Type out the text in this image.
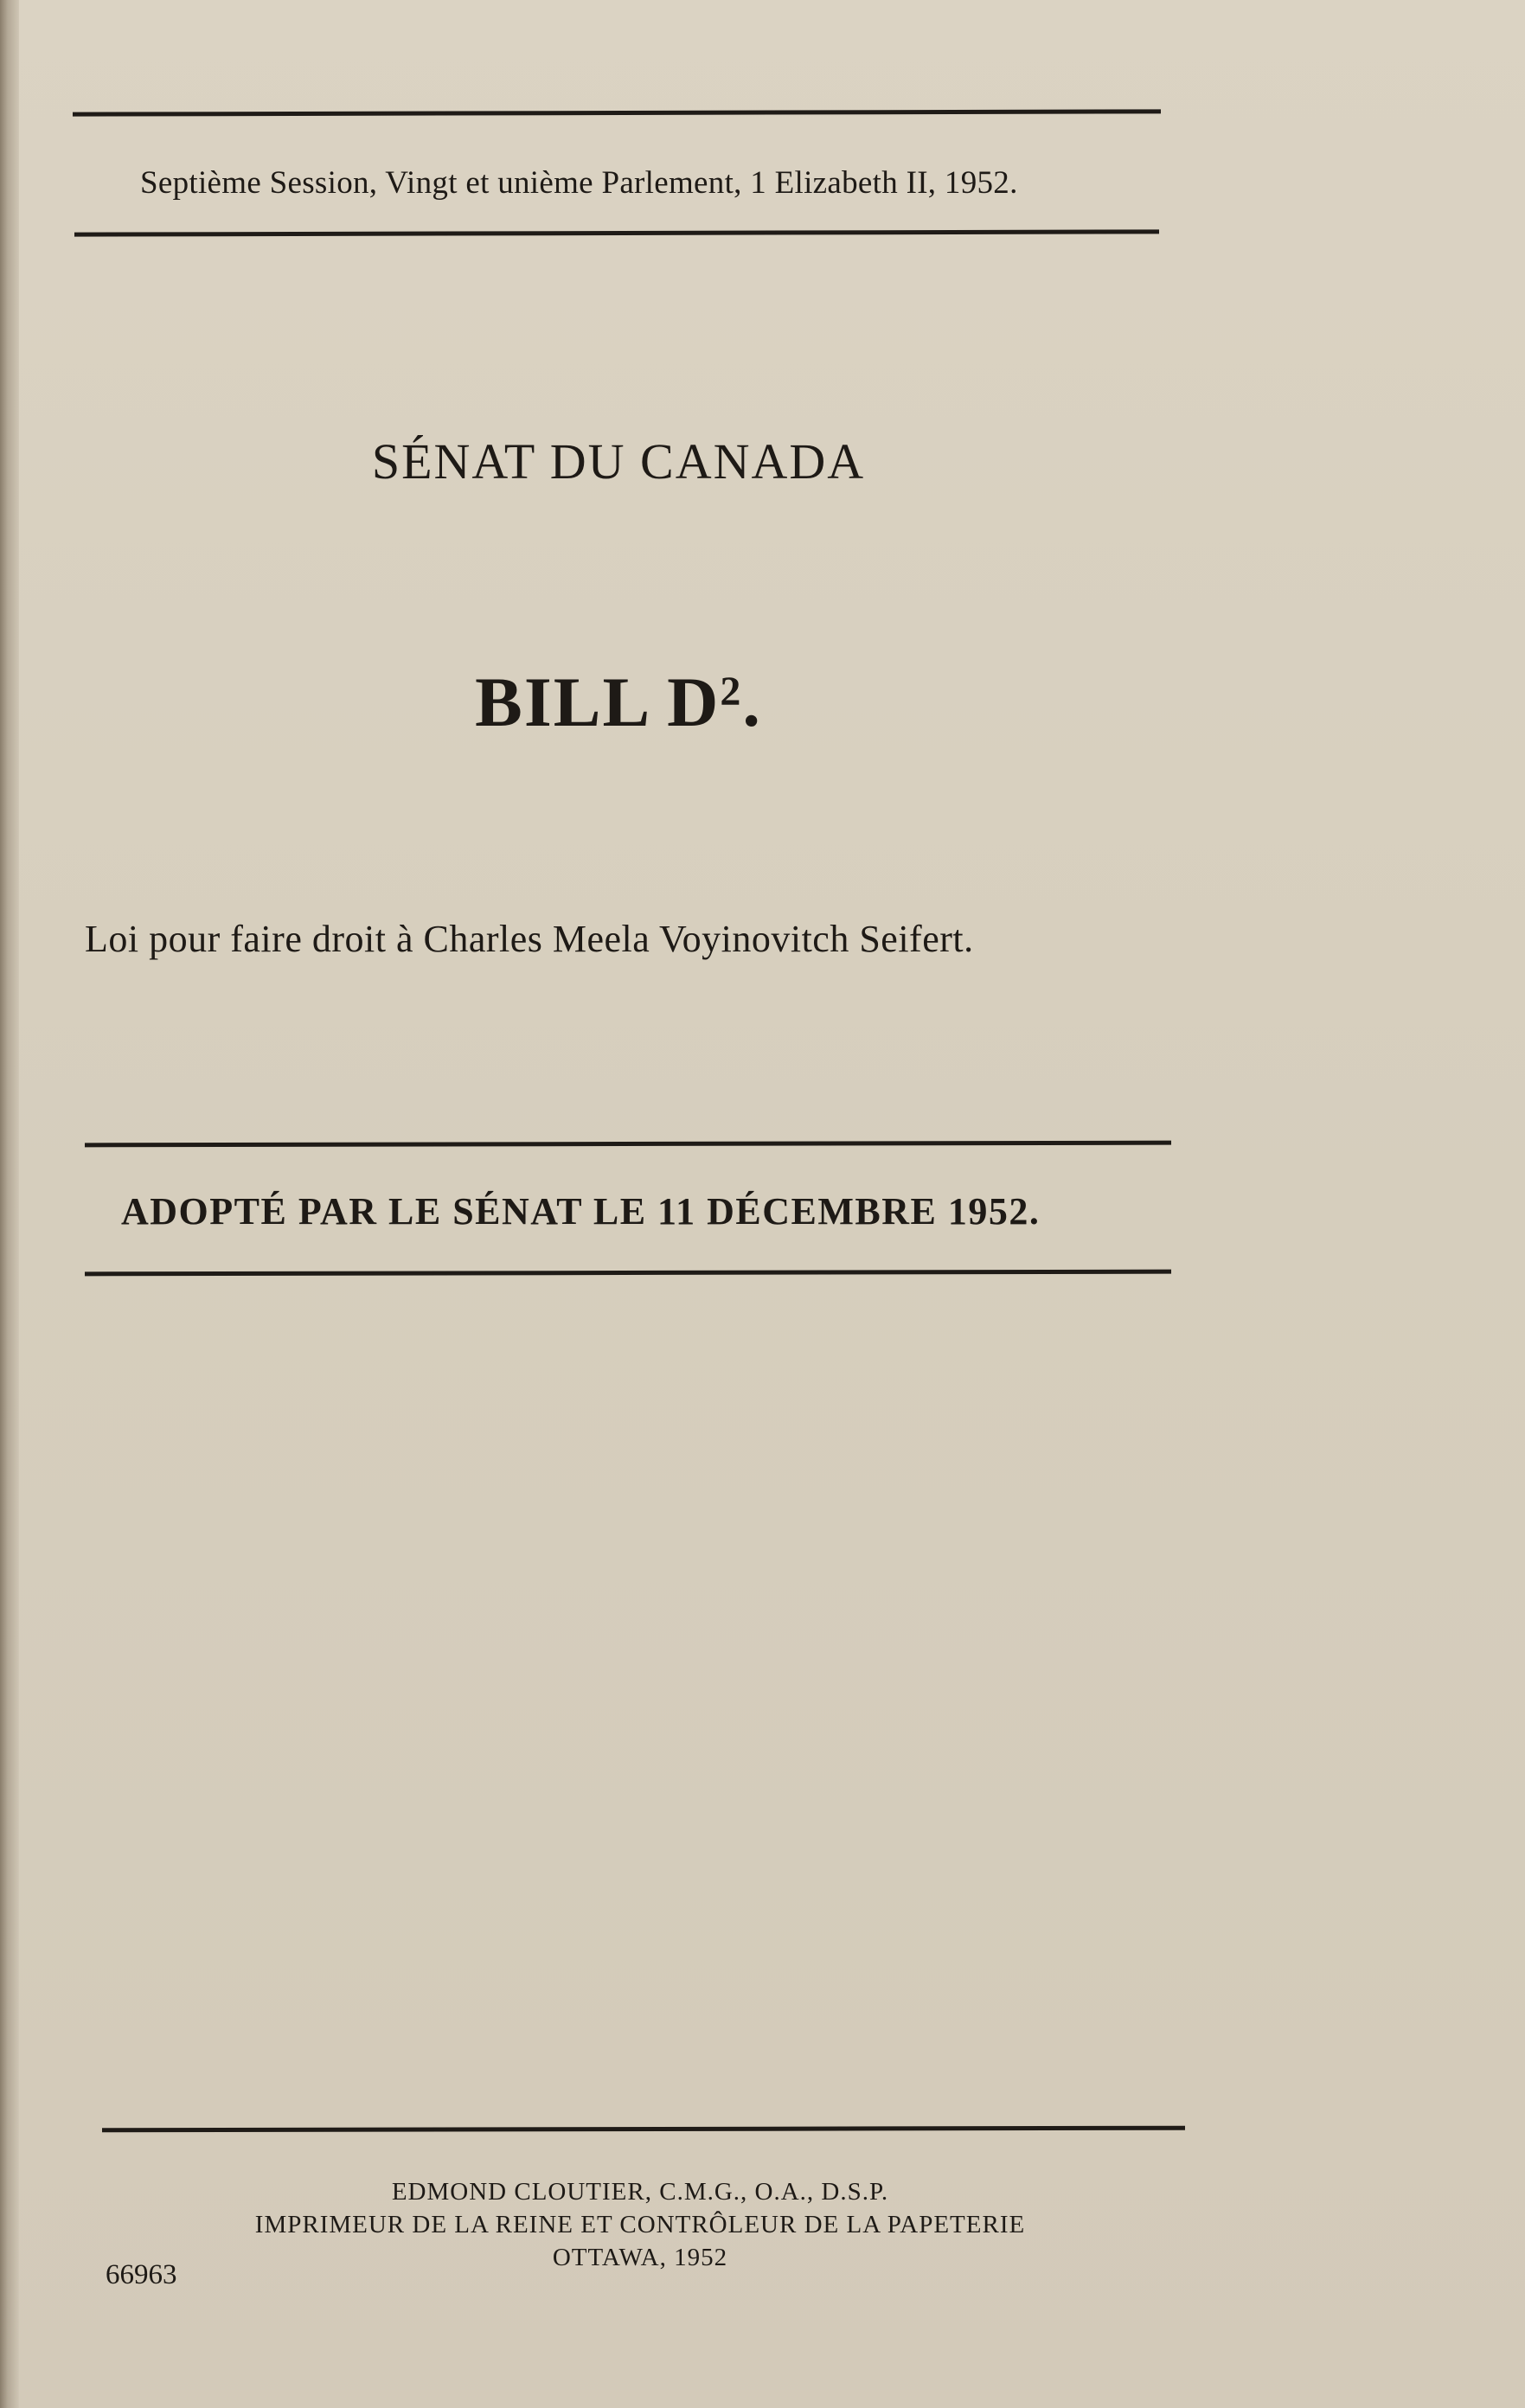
Septième Session, Vingt et unième Parlement, 1 Elizabeth II, 1952.
SÉNAT DU CANADA
BILL $D^2$.
Loi pour faire droit à Charles Meela Voyinovitch Seifert.
ADOPTÉ PAR LE SÉNAT LE 11 DÉCEMBRE 1952.
EDMOND CLOUTIER, C.M.G., O.A., D.S.P.
IMPRIMEUR DE LA REINE ET CONTRÔLEUR DE LA PAPETERIE
OTTAWA, 1952
66963
